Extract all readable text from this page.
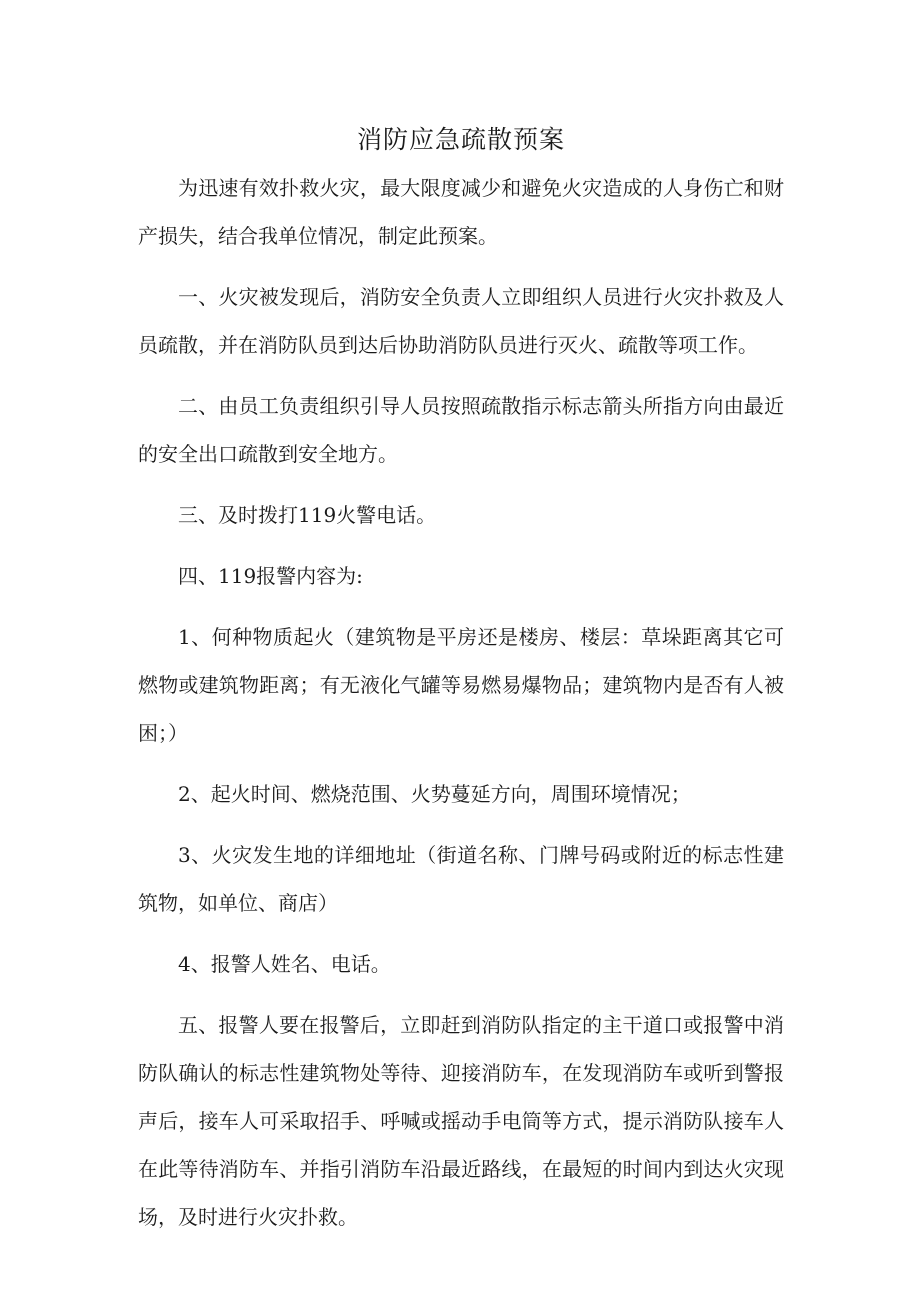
消防应急疏散预案

为迅速有效扑救火灾，最大限度减少和避免火灾造成的人身伤亡和财产损失，结合我单位情况，制定此预案。

一、火灾被发现后，消防安全负责人立即组织人员进行火灾扑救及人员疏散，并在消防队员到达后协助消防队员进行灭火、疏散等项工作。

二、由员工负责组织引导人员按照疏散指示标志箭头所指方向由最近的安全出口疏散到安全地方。

三、及时拨打119火警电话。

四、119报警内容为:

1、何种物质起火（建筑物是平房还是楼房、楼层：草垛距离其它可燃物或建筑物距离；有无液化气罐等易燃易爆物品；建筑物内是否有人被困；）

2、起火时间、燃烧范围、火势蔓延方向，周围环境情况；

3、火灾发生地的详细地址（街道名称、门牌号码或附近的标志性建筑物，如单位、商店）

4、报警人姓名、电话。

五、报警人要在报警后，立即赶到消防队指定的主干道口或报警中消防队确认的标志性建筑物处等待、迎接消防车，在发现消防车或听到警报声后，接车人可采取招手、呼喊或摇动手电筒等方式，提示消防队接车人在此等待消防车、并指引消防车沿最近路线，在最短的时间内到达火灾现场，及时进行火灾扑救。
